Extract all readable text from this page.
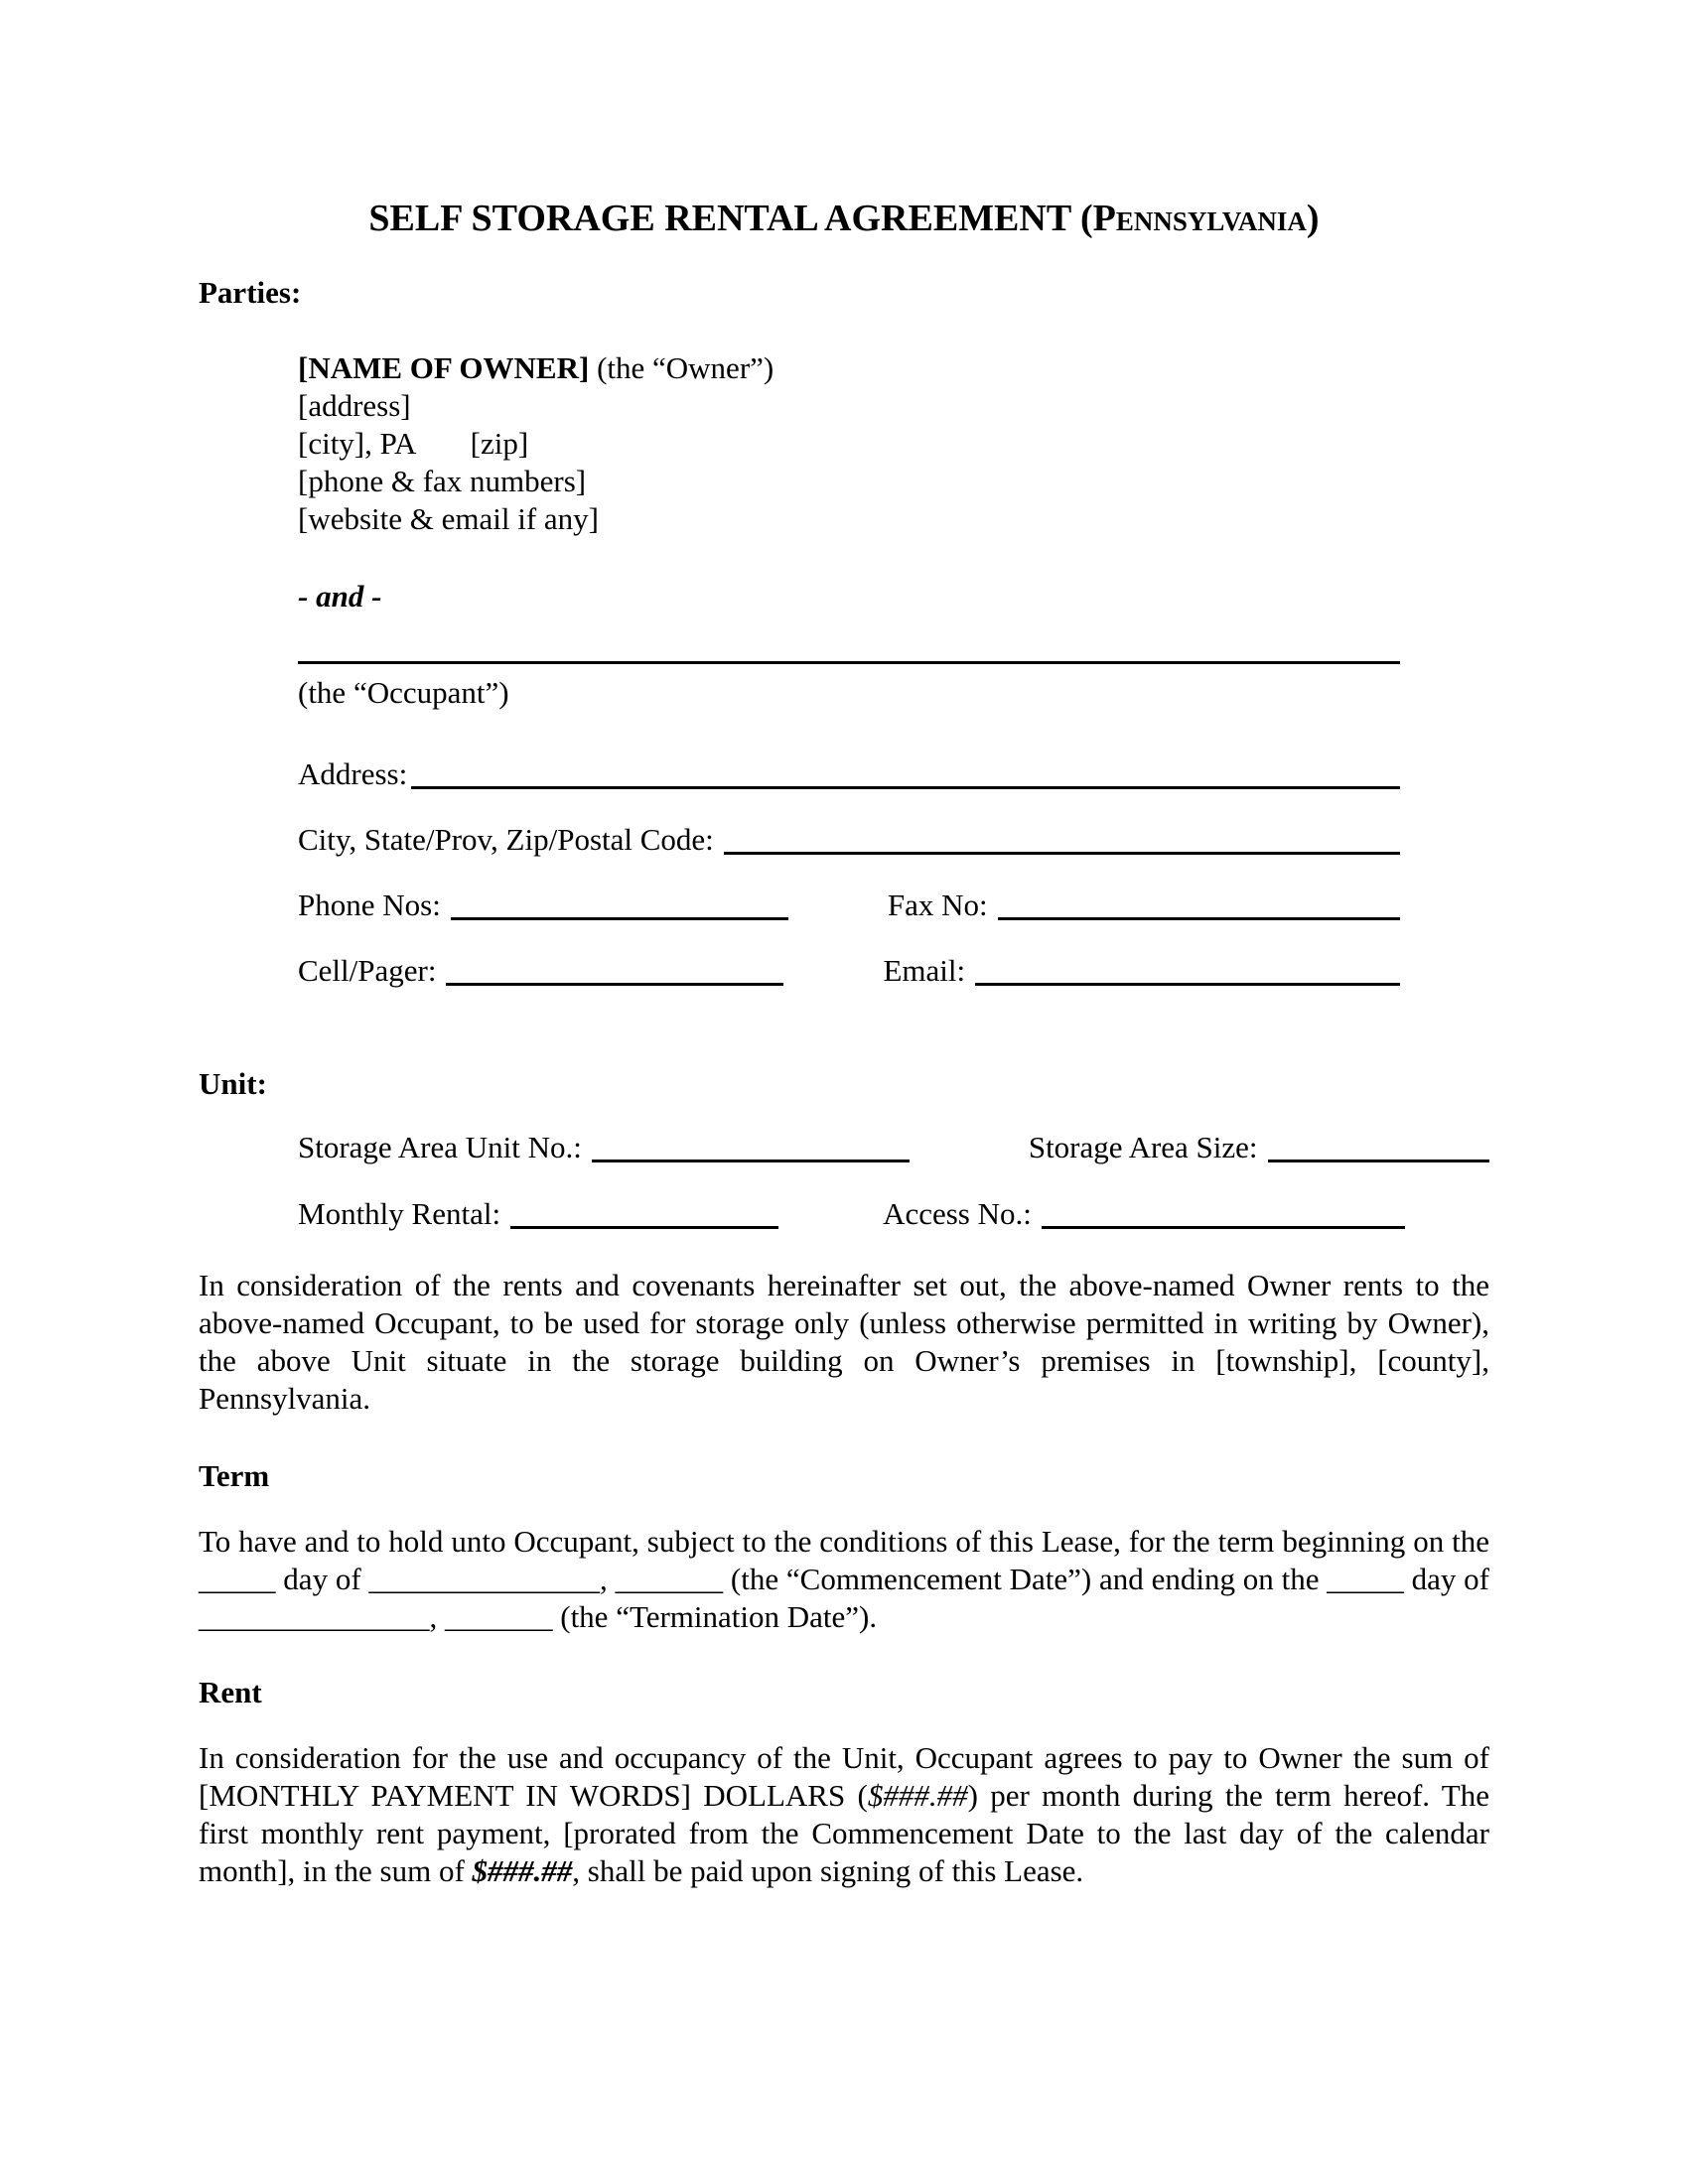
SELF STORAGE RENTAL AGREEMENT (Pennsylvania)
Parties:
[NAME OF OWNER] (the “Owner”)
[address]
[city], PA       [zip]
[phone & fax numbers]
[website & email if any]
- and -
(the “Occupant”)
Address:
City, State/Prov, Zip/Postal Code:
Phone Nos:	Fax No:
Cell/Pager:	Email:
Unit:
Storage Area Unit No.:	Storage Area Size:
Monthly Rental:	Access No.:

In consideration of the rents and covenants hereinafter set out, the above-named Owner rents to the above-named Occupant, to be used for storage only (unless otherwise permitted in writing by Owner), the above Unit situate in the storage building on Owner’s premises in [township], [county], Pennsylvania.

Term

To have and to hold unto Occupant, subject to the conditions of this Lease, for the term beginning on the _____ day of _______________, _______ (the “Commencement Date”) and ending on the _____ day of _______________, _______ (the “Termination Date”).

Rent

In consideration for the use and occupancy of the Unit, Occupant agrees to pay to Owner the sum of [MONTHLY PAYMENT IN WORDS] DOLLARS ($###.##) per month during the term hereof. The first monthly rent payment, [prorated from the Commencement Date to the last day of the calendar month], in the sum of $###.##, shall be paid upon signing of this Lease.
